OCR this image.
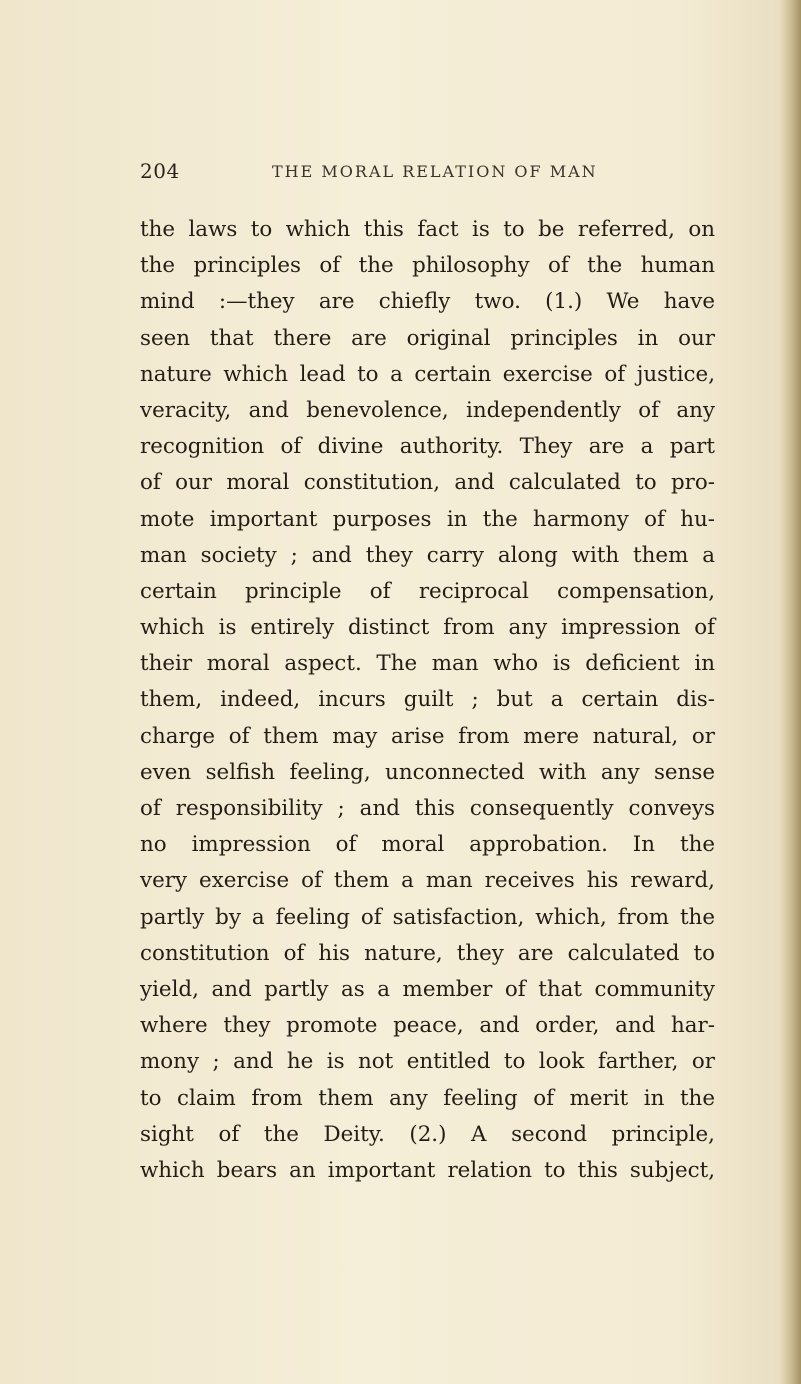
204	THE MORAL RELATION OF MAN
the laws to which this fact is to be referred, on
the principles of the philosophy of the human
mind :—they are chiefly two. (1.) We have
seen that there are original principles in our
nature which lead to a certain exercise of justice,
veracity, and benevolence, independently of any
recognition of divine authority. They are a part
of our moral constitution, and calculated to pro-
mote important purposes in the harmony of hu-
man society ; and they carry along with them a
certain principle of reciprocal compensation,
which is entirely distinct from any impression of
their moral aspect. The man who is deficient in
them, indeed, incurs guilt ; but a certain dis-
charge of them may arise from mere natural, or
even selfish feeling, unconnected with any sense
of responsibility ; and this consequently conveys
no impression of moral approbation. In the
very exercise of them a man receives his reward,
partly by a feeling of satisfaction, which, from the
constitution of his nature, they are calculated to
yield, and partly as a member of that community
where they promote peace, and order, and har-
mony ; and he is not entitled to look farther, or
to claim from them any feeling of merit in the
sight of the Deity. (2.) A second principle,
which bears an important relation to this subject,
